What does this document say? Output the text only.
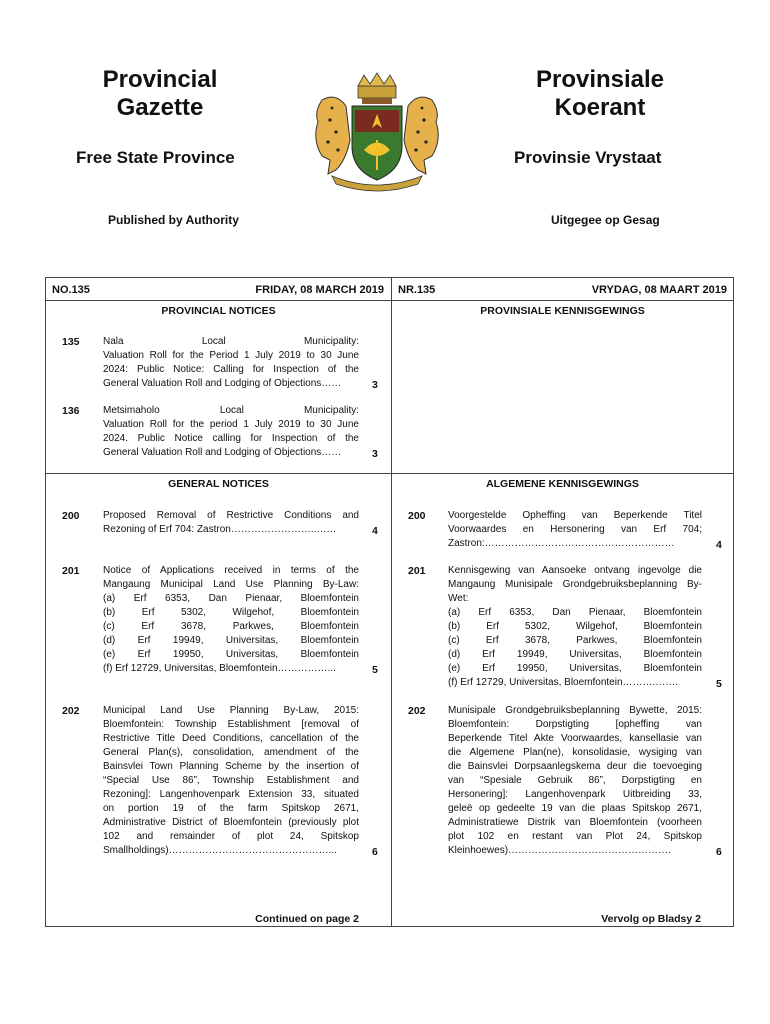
Provincial
Gazette
Provinsiale
Koerant
Free State Province	Provinsie Vrystaat
Published by Authority	Uitgegee op Gesag
NO.135	FRIDAY, 08 MARCH 2019 NR.135	VRYDAG, 08 MAART 2019
PROVINCIAL NOTICES	PROVINSIALE KENNISGEWINGS
GENERAL NOTICES	ALGEMENE KENNISGEWINGS
135 Nala Local Municipality:
Valuation Roll for the Period 1 July 2019 to 30 June
2024: Public Notice: Calling for Inspection of the
General Valuation Roll and Lodging of Objections……	3
136 Metsimaholo Local Municipality:
Valuation Roll for the period 1 July 2019 to 30 June
2024. Public Notice calling for Inspection of the
General Valuation Roll and Lodging of Objections……	3
200 Proposed Removal of Restrictive Conditions and
Rezoning of Erf 704: Zastron……………………..……	4
201 Notice of Applications received in terms of the
Mangaung Municipal Land Use Planning By-Law:
(a) Erf 6353, Dan Pienaar, Bloemfontein
(b) Erf 5302, Wilgehof, Bloemfontein
(c) Erf 3678, Parkwes, Bloemfontein
(d) Erf 19949, Universitas, Bloemfontein
(e) Erf 19950, Universitas, Bloemfontein
(f) Erf 12729, Universitas, Bloemfontein……………...	5
202 Municipal Land Use Planning By-Law, 2015:
Bloemfontein: Township Establishment [removal of
Restrictive Title Deed Conditions, cancellation of the
General Plan(s), consolidation, amendment of the
Bainsvlei Town Planning Scheme by the insertion of
“Special Use 86”, Township Establishment and
Rezoning]: Langenhovenpark Extension 33, situated
on portion 19 of the farm Spitskop 2671,
Administrative District of Bloemfontein (previously plot
102 and remainder of plot 24, Spitskop
Smallholdings)…………………………………………...	6
200 Voorgestelde Opheffing van Beperkende Titel
Voorwaardes en Hersonering van Erf 704;
Zastron:…………………………………………………	4
201 Kennisgewing van Aansoeke ontvang ingevolge die
Mangaung Munisipale Grondgebruiksbeplanning By-
Wet:
(a) Erf 6353, Dan Pienaar, Bloemfontein
(b) Erf 5302, Wilgehof, Bloemfontein
(c) Erf 3678, Parkwes, Bloemfontein
(d) Erf 19949, Universitas, Bloemfontein
(e) Erf 19950, Universitas, Bloemfontein
(f) Erf 12729, Universitas, Bloemfontein……….…….	5
202 Munisipale Grondgebruiksbeplanning Bywette, 2015:
Bloemfontein: Dorpstigting [opheffing van
Beperkende Titel Akte Voorwaardes, kansellasie van
die Algemene Plan(ne), konsolidasie, wysiging van
die Bainsvlei Dorpsaanlegskema deur die toevoeging
van “Spesiale Gebruik 86”, Dorpstigting en
Hersonering]: Langenhovenpark Uitbreiding 33,
geleë op gedeelte 19 van die plaas Spitskop 2671,
Administratiewe Distrik van Bloemfontein (voorheen
plot 102 en restant van Plot 24, Spitskop
Kleinhoewes)………………………………………….	6
Continued on page 2	Vervolg op Bladsy 2
